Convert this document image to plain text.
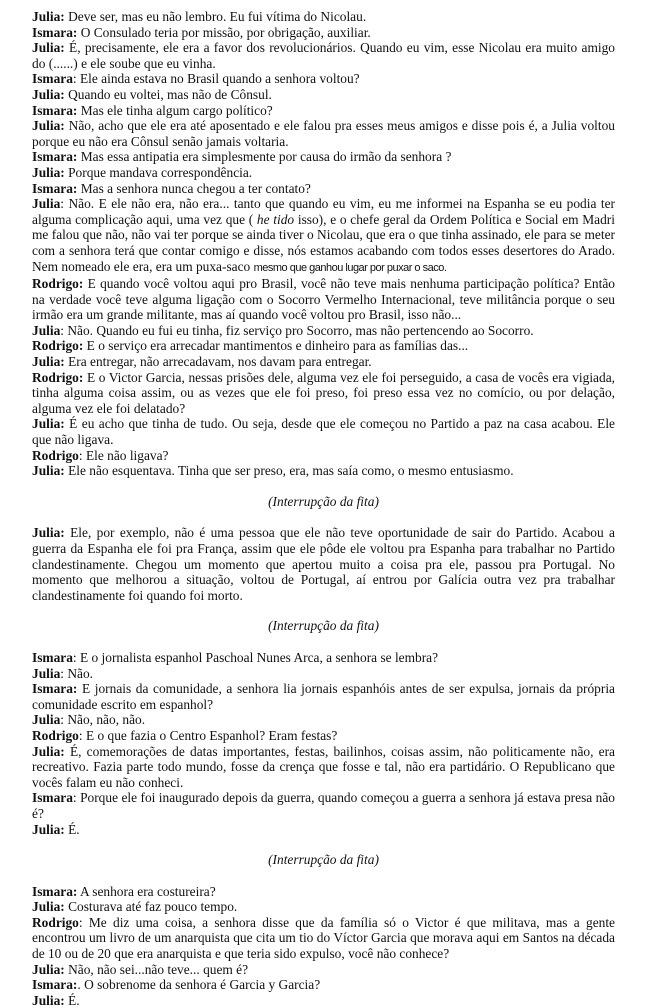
Julia: Deve ser, mas eu não lembro. Eu fui vítima do Nicolau.

Ismara: O Consulado teria por missão, por obrigação, auxiliar.

Julia: É, precisamente, ele era a favor dos revolucionários. Quando eu vim, esse Nicolau era muito amigo do (......) e ele soube que eu vinha.

Ismara: Ele ainda estava no Brasil quando a senhora voltou?

Julia: Quando eu voltei, mas não de Cônsul.

Ismara: Mas ele tinha algum cargo político?

Julia: Não, acho que ele era até aposentado e ele falou pra esses meus amigos e disse pois é, a Julia voltou porque eu não era Cônsul senão jamais voltaria.

Ismara: Mas essa antipatia era simplesmente por causa do irmão da senhora ?

Julia: Porque mandava correspondência.

Ismara: Mas a senhora nunca chegou a ter contato?

Julia: Não. E ele não era, não era... tanto que quando eu vim, eu me informei na Espanha se eu podia ter alguma complicação aqui, uma vez que ( he tido isso), e o chefe geral da Ordem Política e Social em Madri me falou que não, não vai ter porque se ainda tiver o Nicolau, que era o que tinha assinado, ele para se meter com a senhora terá que contar comigo e disse, nós estamos acabando com todos esses desertores do Arado. Nem nomeado ele era, era um puxa-saco mesmo que ganhou lugar por puxar o saco.

Rodrigo: E quando você voltou aqui pro Brasil, você não teve mais nenhuma participação política? Então na verdade você teve alguma ligação com o Socorro Vermelho Internacional, teve militância porque o seu irmão era um grande militante, mas aí quando você voltou pro Brasil, isso não...

Julia: Não. Quando eu fui eu tinha, fiz serviço pro Socorro, mas não pertencendo ao Socorro.

Rodrigo: E o serviço era arrecadar mantimentos e dinheiro para as famílias das...

Julia: Era entregar, não arrecadavam, nos davam para entregar.

Rodrigo: E o Victor Garcia, nessas prisões dele, alguma vez ele foi perseguido, a casa de vocês era vigiada, tinha alguma coisa assim, ou as vezes que ele foi preso, foi preso essa vez no comício, ou por delação, alguma vez ele foi delatado?

Julia: É eu acho que tinha de tudo. Ou seja, desde que ele começou no Partido a paz na casa acabou. Ele que não ligava.

Rodrigo: Ele não ligava?

Julia: Ele não esquentava. Tinha que ser preso, era, mas saía como, o mesmo entusiasmo.

(Interrupção da fita)

Julia: Ele, por exemplo, não é uma pessoa que ele não teve oportunidade de sair do Partido. Acabou a guerra da Espanha ele foi pra França, assim que ele pôde ele voltou pra Espanha para trabalhar no Partido clandestinamente. Chegou um momento que apertou muito a coisa pra ele, passou pra Portugal. No momento que melhorou a situação, voltou de Portugal, aí entrou por Galícia outra vez pra trabalhar clandestinamente foi quando foi morto.

(Interrupção da fita)

Ismara: E o jornalista espanhol Paschoal Nunes Arca, a senhora se lembra?

Julia: Não.

Ismara: E jornais da comunidade, a senhora lia jornais espanhóis antes de ser expulsa, jornais da própria comunidade escrito em espanhol?

Julia: Não, não, não.

Rodrigo: E o que fazia o Centro Espanhol? Eram festas?

Julia: É, comemorações de datas importantes, festas, bailinhos, coisas assim, não politicamente não, era recreativo. Fazia parte todo mundo, fosse da crença que fosse e tal, não era partidário. O Republicano que vocês falam eu não conheci.

Ismara: Porque ele foi inaugurado depois da guerra, quando começou a guerra a senhora já estava presa não é?

Julia: É.

(Interrupção da fita)

Ismara: A senhora era costureira?

Julia: Costurava até faz pouco tempo.

Rodrigo: Me diz uma coisa, a senhora disse que da família só o Victor é que militava, mas a gente encontrou um livro de um anarquista que cita um tio do Víctor Garcia que morava aqui em Santos na década de 10 ou de 20 que era anarquista e que teria sido expulso, você não conhece?

Julia: Não, não sei...não teve... quem é?

Ismara:. O sobrenome da senhora é Garcia y Garcia?

Julia: É.
